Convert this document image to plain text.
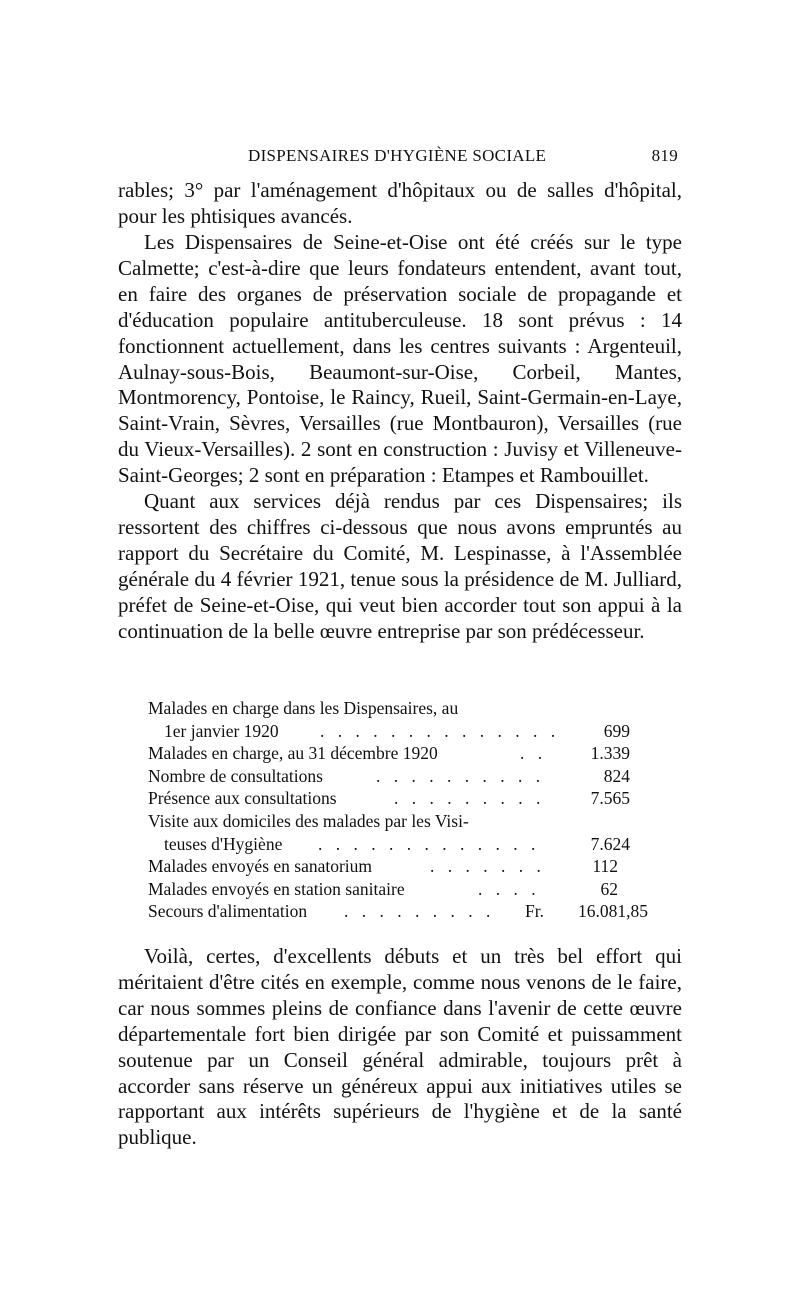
DISPENSAIRES D'HYGIÈNE SOCIALE	819

rables; 3° par l'aménagement d'hôpitaux ou de salles d'hôpital, pour les phtisiques avancés.

Les Dispensaires de Seine-et-Oise ont été créés sur le type Calmette; c'est-à-dire que leurs fondateurs entendent, avant tout, en faire des organes de préservation sociale de propagande et d'éducation populaire antituberculeuse. 18 sont prévus : 14 fonctionnent actuellement, dans les centres suivants : Argenteuil, Aulnay-sous-Bois, Beaumont-sur-Oise, Corbeil, Mantes, Montmorency, Pontoise, le Raincy, Rueil, Saint-Germain-en-Laye, Saint-Vrain, Sèvres, Versailles (rue Montbauron), Versailles (rue du Vieux-Versailles). 2 sont en construction : Juvisy et Villeneuve-Saint-Georges; 2 sont en préparation : Etampes et Rambouillet.

Quant aux services déjà rendus par ces Dispensaires; ils ressortent des chiffres ci-dessous que nous avons empruntés au rapport du Secrétaire du Comité, M. Lespinasse, à l'Assemblée générale du 4 février 1921, tenue sous la présidence de M. Julliard, préfet de Seine-et-Oise, qui veut bien accorder tout son appui à la continuation de la belle œuvre entreprise par son prédécesseur.

Malades en charge dans les Dispensaires, au
1er janvier 1920 . . . . . . . . . . . . . .	699
Malades en charge, au 31 décembre 1920	. .	1.339
Nombre de consultations	. . . . . . . . . .	824
Présence aux consultations	. . . . . . . . .	7.565
Visite aux domiciles des malades par les Visi-
teuses d'Hygiène . . . . . . . . . . . . .	7.624
Malades envoyés en sanatorium	. . . . . . .	112
Malades envoyés en station sanitaire	. . . .	62
Secours d'alimentation . . . . . . . . . Fr. 16.081,85

Voilà, certes, d'excellents débuts et un très bel effort qui méritaient d'être cités en exemple, comme nous venons de le faire, car nous sommes pleins de confiance dans l'avenir de cette œuvre départementale fort bien dirigée par son Comité et puissamment soutenue par un Conseil général admirable, toujours prêt à accorder sans réserve un généreux appui aux initiatives utiles se rapportant aux intérêts supérieurs de l'hygiène et de la santé publique.
